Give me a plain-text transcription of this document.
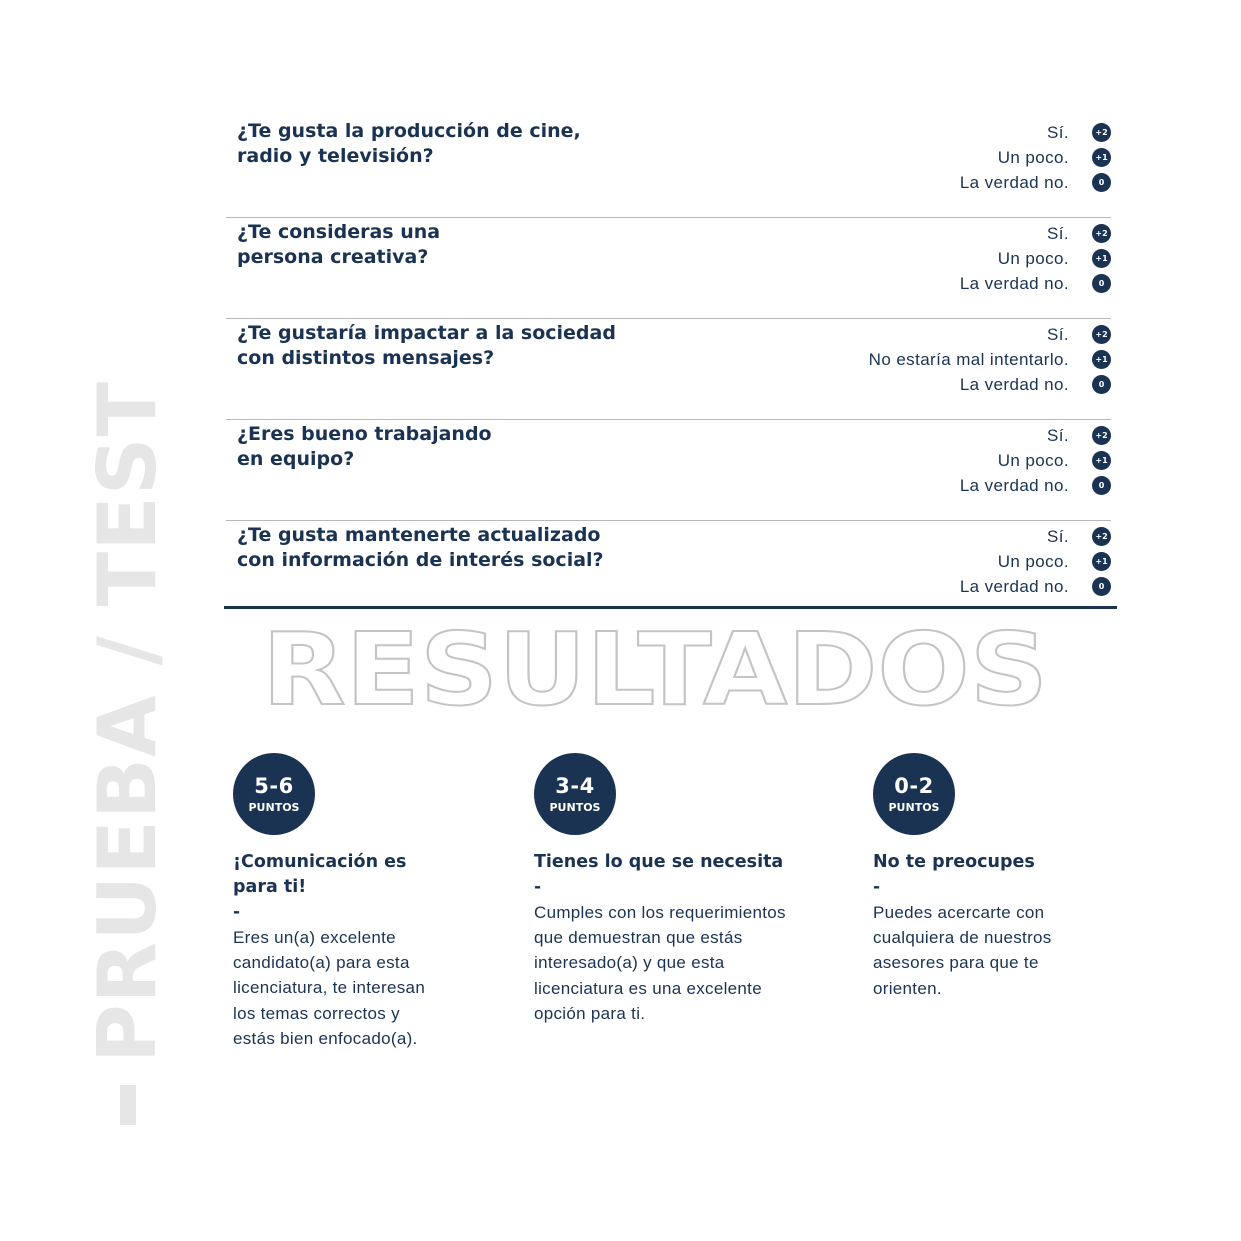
PRUEBA / TEST
¿Te gusta la producción de cine,
radio y televisión?
Sí.	+2
Un poco.	+1
La verdad no.	0
¿Te consideras una
persona creativa?
Sí.	+2
Un poco.	+1
La verdad no.	0
¿Te gustaría impactar a la sociedad
con distintos mensajes?
Sí.	+2
No estaría mal intentarlo.	+1
La verdad no.	0
¿Eres bueno trabajando
en equipo?
Sí.	+2
Un poco.	+1
La verdad no.	0
¿Te gusta mantenerte actualizado
con información de interés social?
Sí.	+2
Un poco.	+1
La verdad no.	0
RESULTADOS
5-6
PUNTOS
¡Comunicación es
para ti!
-

Eres un(a) excelente
candidato(a) para esta
licenciatura, te interesan
los temas correctos y
estás bien enfocado(a).

3-4
PUNTOS
Tienes lo que se necesita
-

Cumples con los requerimientos
que demuestran que estás
interesado(a) y que esta
licenciatura es una excelente
opción para ti.

0-2
PUNTOS
No te preocupes
-

Puedes acercarte con
cualquiera de nuestros
asesores para que te
orienten.
